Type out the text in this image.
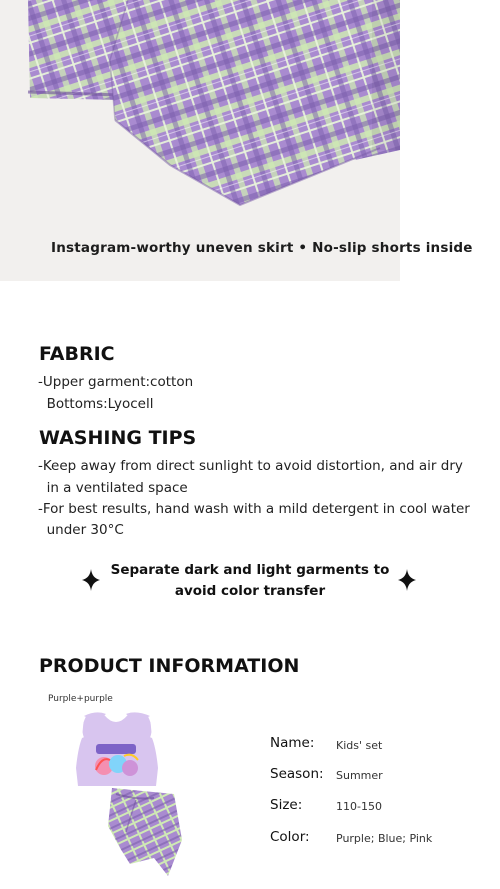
Instagram-worthy uneven skirt • No-slip shorts inside
FABRIC
-Upper garment:cotton
Bottoms:Lyocell
WASHING TIPS
-Keep away from direct sunlight to avoid distortion, and air dry
in a ventilated space
-For best results, hand wash with a mild detergent in cool water
under 30°C
Separate dark and light garments to
avoid color transfer
PRODUCT INFORMATION
Purple+purple
Name: Kids' set
Season: Summer
Size:	110-150
Color: Purple; Blue; Pink
